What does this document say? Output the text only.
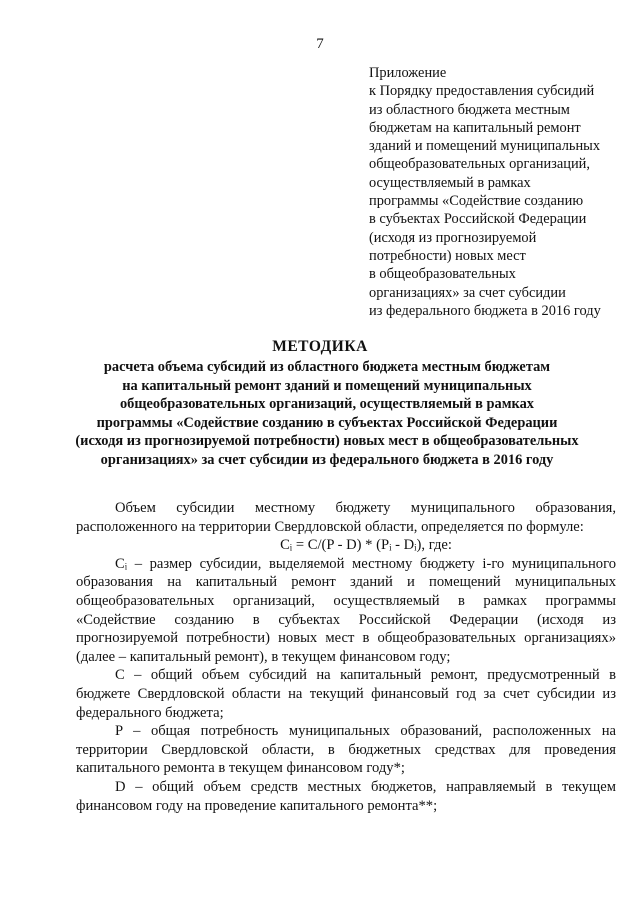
7
Приложение
к Порядку предоставления субсидий
из областного бюджета местным
бюджетам на капитальный ремонт
зданий и помещений муниципальных
общеобразовательных организаций,
осуществляемый в рамках
программы «Содействие созданию
в субъектах Российской Федерации
(исходя из прогнозируемой
потребности) новых мест
в общеобразовательных
организациях» за счет субсидии
из федерального бюджета в 2016 году
МЕТОДИКА
расчета объема субсидий из областного бюджета местным бюджетам
на капитальный ремонт зданий и помещений муниципальных
общеобразовательных организаций, осуществляемый в рамках
программы «Содействие созданию в субъектах Российской Федерации
(исходя из прогнозируемой потребности) новых мест в общеобразовательных
организациях» за счет субсидии из федерального бюджета в 2016 году

Объем субсидии местному бюджету муниципального образования,

расположенного на территории Свердловской области, определяется по формуле:

Cᵢ = C/(P - D) * (Pᵢ - Dᵢ), где:

Cᵢ – размер субсидии, выделяемой местному бюджету i-го муниципального

образования на капитальный ремонт зданий и помещений муниципальных

общеобразовательных организаций, осуществляемый в рамках программы

«Содействие созданию в субъектах Российской Федерации (исходя из

прогнозируемой потребности) новых мест в общеобразовательных организациях»

(далее – капитальный ремонт), в текущем финансовом году;

C – общий объем субсидий на капитальный ремонт, предусмотренный в

бюджете Свердловской области на текущий финансовый год за счет субсидии из

федерального бюджета;

P – общая потребность муниципальных образований, расположенных на

территории Свердловской области, в бюджетных средствах для проведения

капитального ремонта в текущем финансовом году*;

D – общий объем средств местных бюджетов, направляемый в текущем

финансовом году на проведение капитального ремонта**;
